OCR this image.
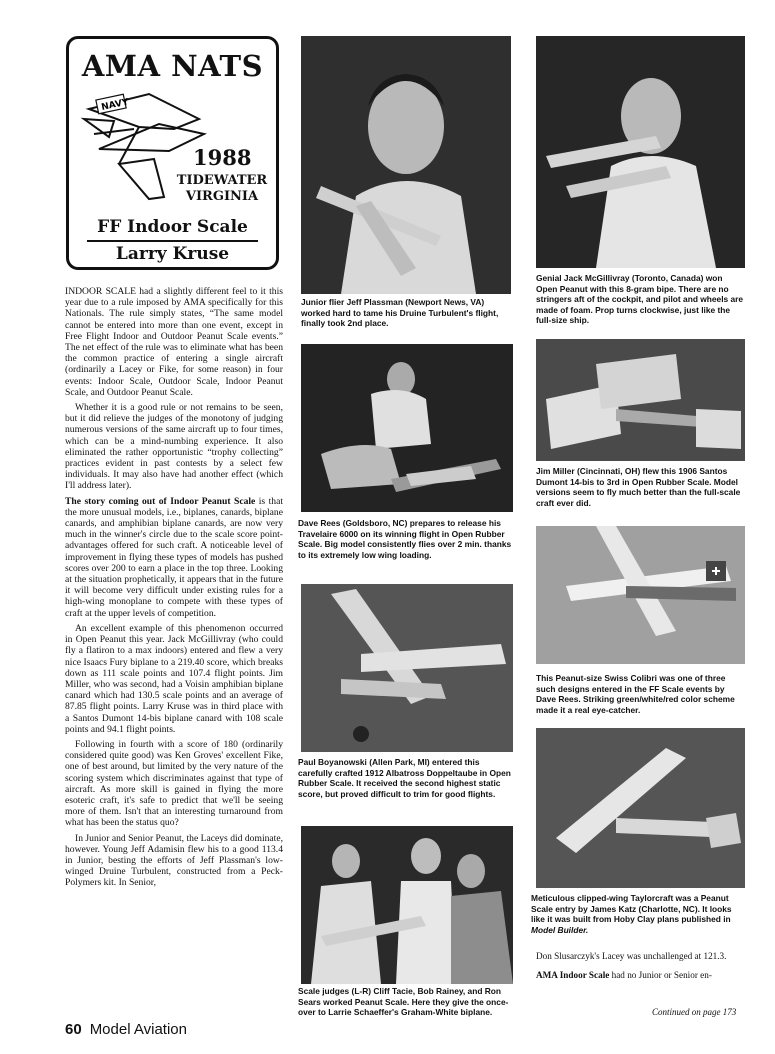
AMA NATS
NAVY
1988
TIDEWATER
VIRGINIA
FF Indoor Scale
Larry Kruse

INDOOR SCALE had a slightly different feel to it this year due to a rule imposed by AMA specifically for this Nationals. The rule simply states, “The same model cannot be entered into more than one event, except in Free Flight Indoor and Outdoor Peanut Scale events.” The net effect of the rule was to eliminate what has been the common practice of entering a single aircraft (ordinarily a Lacey or Fike, for some reason) in four events: Indoor Scale, Outdoor Scale, Indoor Peanut Scale, and Outdoor Peanut Scale.

Whether it is a good rule or not remains to be seen, but it did relieve the judges of the monotony of judging numerous versions of the same aircraft up to four times, which can be a mind-numbing experience. It also eliminated the rather opportunistic “trophy collecting” practices evident in past contests by a select few individuals. It may also have had another effect (which I'll address later).

The story coming out of Indoor Peanut Scale is that the more unusual models, i.e., biplanes, canards, biplane canards, and amphibian biplane canards, are now very much in the winner's circle due to the scale score point-advantages offered for such craft. A noticeable level of improvement in flying these types of models has pushed scores over 200 to earn a place in the top three. Looking at the situation prophetically, it appears that in the future it will become very difficult under existing rules for a high-wing monoplane to compete with these types of craft at the upper levels of competition.

An excellent example of this phenomenon occurred in Open Peanut this year. Jack McGillivray (who could fly a flatiron to a max indoors) entered and flew a very nice Isaacs Fury biplane to a 219.40 score, which breaks down as 111 scale points and 107.4 flight points. Jim Miller, who was second, had a Voisin amphibian biplane canard which had 130.5 scale points and an average of 87.85 flight points. Larry Kruse was in third place with a Santos Dumont 14-bis biplane canard with 108 scale points and 94.1 flight points.

Following in fourth with a score of 180 (ordinarily considered quite good) was Ken Groves' excellent Fike, one of best around, but limited by the very nature of the scoring system which discriminates against that type of aircraft. As more skill is gained in flying the more esoteric craft, it's safe to predict that we'll be seeing more of them. Isn't that an interesting turnaround from what has been the status quo?

In Junior and Senior Peanut, the Laceys did dominate, however. Young Jeff Adamisin flew his to a good 113.4 in Junior, besting the efforts of Jeff Plassman's low-winged Druine Turbulent, constructed from a Peck-Polymers kit. In Senior,

Junior flier Jeff Plassman (Newport News, VA) worked hard to tame his Druine Turbulent's flight, finally took 2nd place.
Dave Rees (Goldsboro, NC) prepares to release his Travelaire 6000 on its winning flight in Open Rubber Scale. Big model consistently flies over 2 min. thanks to its extremely low wing loading.
Paul Boyanowski (Allen Park, MI) entered this carefully crafted 1912 Albatross Doppeltaube in Open Rubber Scale. It received the second highest static score, but proved difficult to trim for good flights.
Scale judges (L-R) Cliff Tacie, Bob Rainey, and Ron Sears worked Peanut Scale. Here they give the once-over to Larrie Schaeffer's Graham-White biplane.
Genial Jack McGillivray (Toronto, Canada) won Open Peanut with this 8-gram bipe. There are no stringers aft of the cockpit, and pilot and wheels are made of foam. Prop turns clockwise, just like the full-size ship.
Jim Miller (Cincinnati, OH) flew this 1906 Santos Dumont 14-bis to 3rd in Open Rubber Scale. Model versions seem to fly much better than the full-scale craft ever did.
This Peanut-size Swiss Colibri was one of three such designs entered in the FF Scale events by Dave Rees. Striking green/white/red color scheme made it a real eye-catcher.
Meticulous clipped-wing Taylorcraft was a Peanut Scale entry by James Katz (Charlotte, NC). It looks like it was built from Hoby Clay plans published in Model Builder.

Don Slusarczyk's Lacey was unchallenged at 121.3.

AMA Indoor Scale had no Junior or Senior en-

Continued on page 173
60 Model Aviation
